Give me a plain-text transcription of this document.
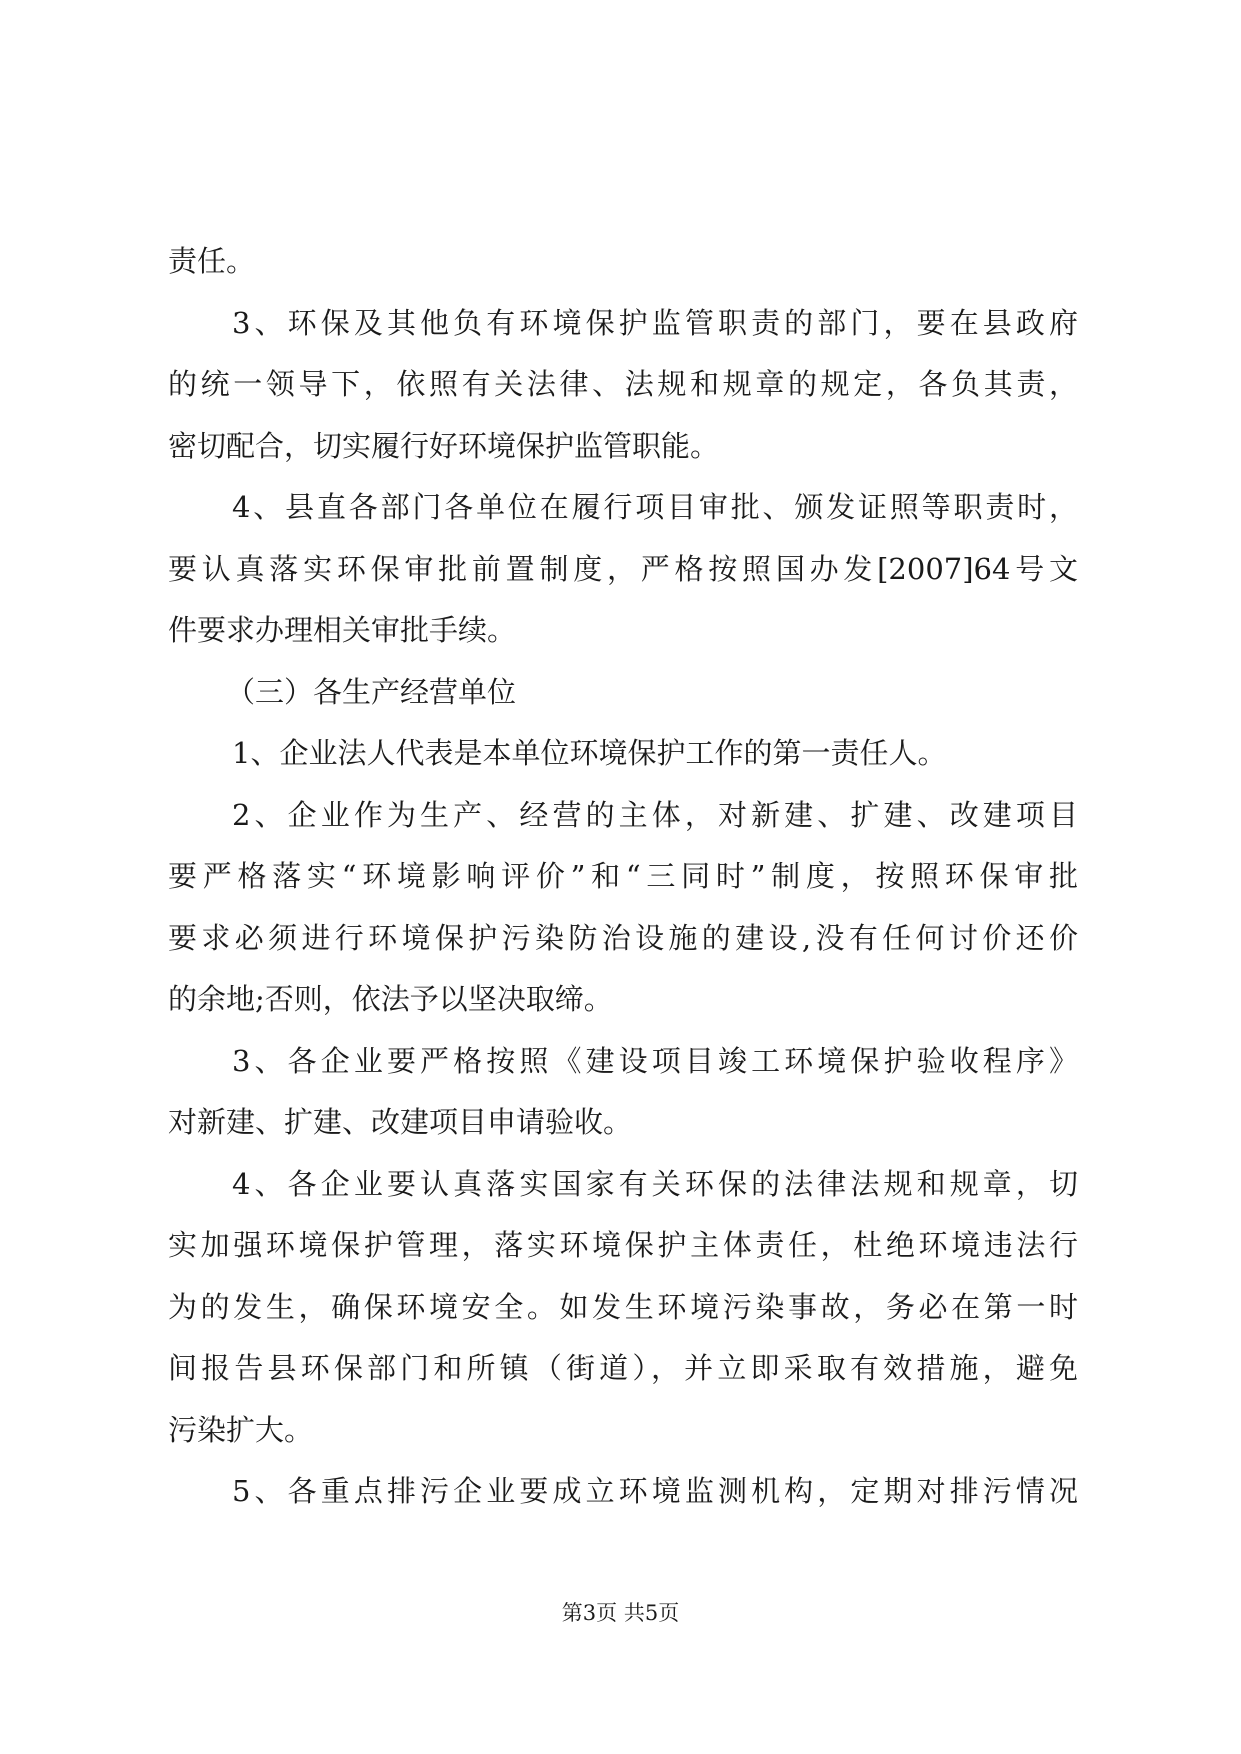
责任。
3、环保及其他负有环境保护监管职责的部门，要在县政府
的统一领导下，依照有关法律、法规和规章的规定，各负其责，
密切配合，切实履行好环境保护监管职能。
4、县直各部门各单位在履行项目审批、颁发证照等职责时，
要认真落实环保审批前置制度，严格按照国办发[2007]64号文
件要求办理相关审批手续。
（三）各生产经营单位
1、企业法人代表是本单位环境保护工作的第一责任人。
2、企业作为生产、经营的主体，对新建、扩建、改建项目
要严格落实“环境影响评价”和“三同时”制度，按照环保审批
要求必须进行环境保护污染防治设施的建设,没有任何讨价还价
的余地;否则，依法予以坚决取缔。
3、各企业要严格按照《建设项目竣工环境保护验收程序》
对新建、扩建、改建项目申请验收。
4、各企业要认真落实国家有关环保的法律法规和规章，切
实加强环境保护管理，落实环境保护主体责任，杜绝环境违法行
为的发生，确保环境安全。如发生环境污染事故，务必在第一时
间报告县环保部门和所镇（街道），并立即采取有效措施，避免
污染扩大。
5、各重点排污企业要成立环境监测机构，定期对排污情况
第3页 共5页
